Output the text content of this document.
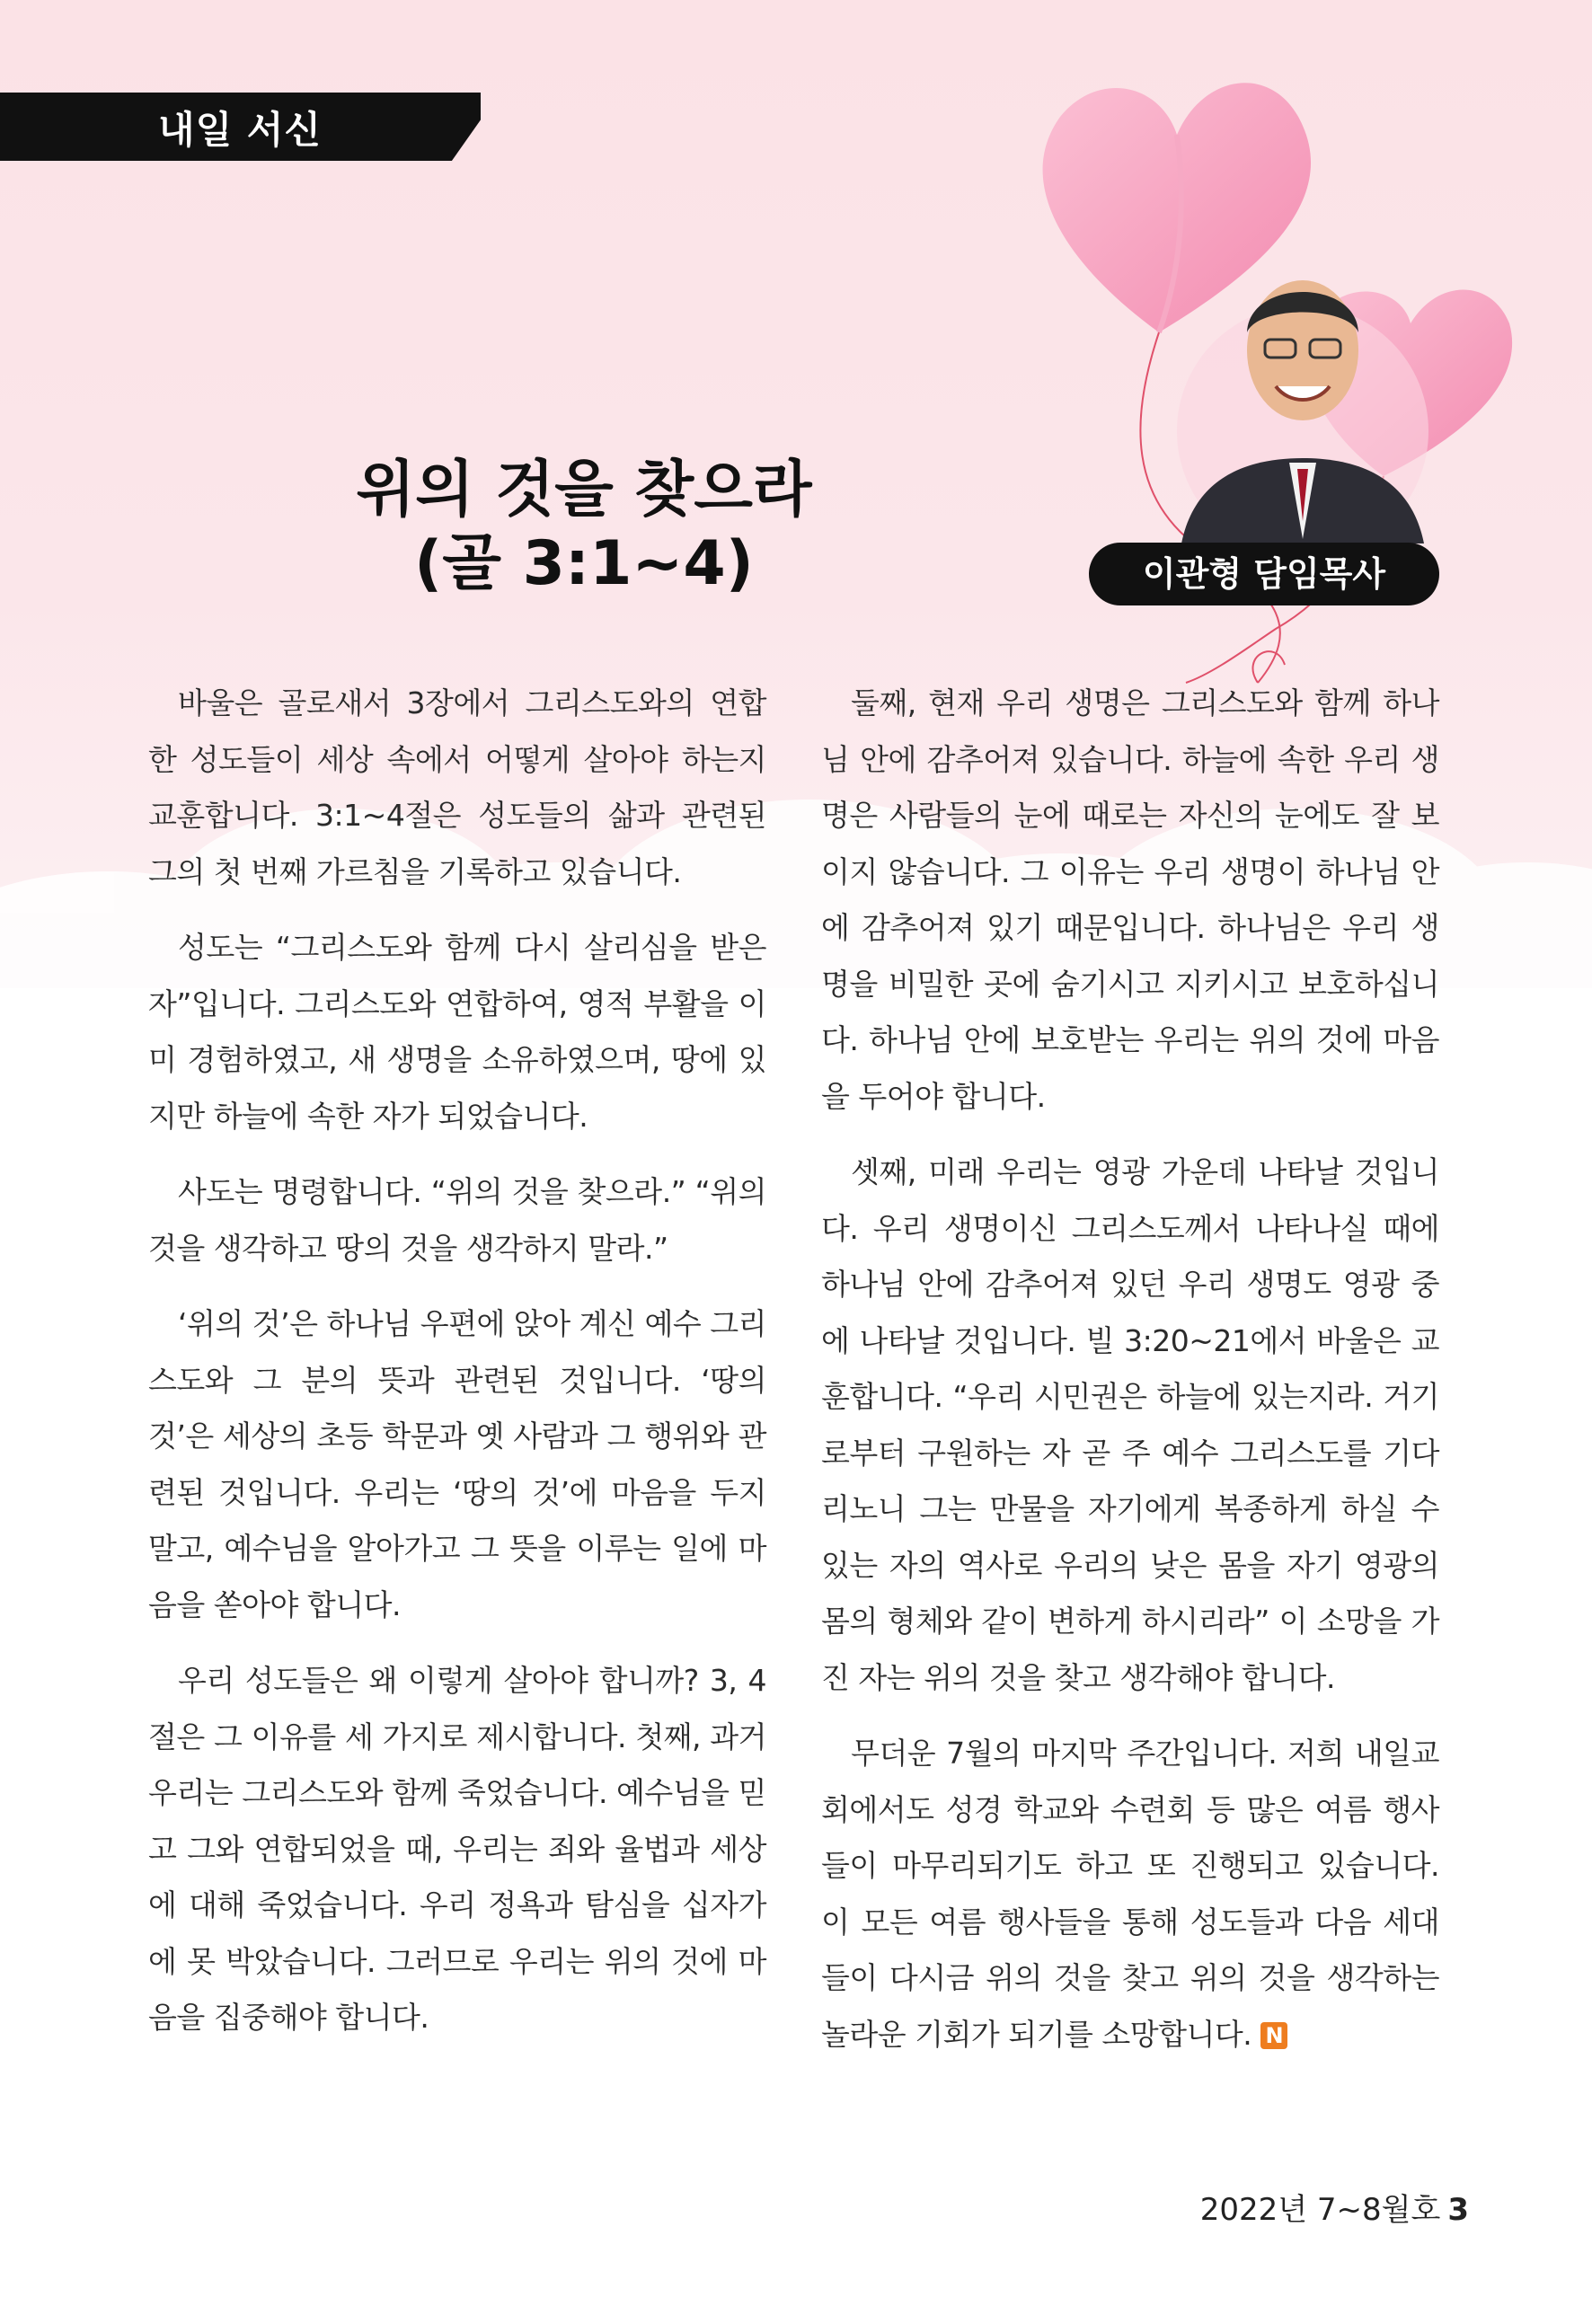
내일 서신
위의 것을 찾으라
(골 3:1~4)	이관형 담임목사

바울은 골로새서 3장에서 그리스도와의 연합한 성도들이 세상 속에서 어떻게 살아야 하는지 교훈합니다. 3:1~4절은 성도들의 삶과 관련된 그의 첫 번째 가르침을 기록하고 있습니다.

성도는 “그리스도와 함께 다시 살리심을 받은 자”입니다. 그리스도와 연합하여, 영적 부활을 이미 경험하였고, 새 생명을 소유하였으며, 땅에 있지만 하늘에 속한 자가 되었습니다.

사도는 명령합니다. “위의 것을 찾으라.” “위의 것을 생각하고 땅의 것을 생각하지 말라.”

‘위의 것’은 하나님 우편에 앉아 계신 예수 그리스도와 그 분의 뜻과 관련된 것입니다. ‘땅의 것’은 세상의 초등 학문과 옛 사람과 그 행위와 관련된 것입니다. 우리는 ‘땅의 것’에 마음을 두지 말고, 예수님을 알아가고 그 뜻을 이루는 일에 마음을 쏟아야 합니다.

우리 성도들은 왜 이렇게 살아야 합니까? 3, 4절은 그 이유를 세 가지로 제시합니다. 첫째, 과거 우리는 그리스도와 함께 죽었습니다. 예수님을 믿고 그와 연합되었을 때, 우리는 죄와 율법과 세상에 대해 죽었습니다. 우리 정욕과 탐심을 십자가에 못 박았습니다. 그러므로 우리는 위의 것에 마음을 집중해야 합니다.

둘째, 현재 우리 생명은 그리스도와 함께 하나님 안에 감추어져 있습니다. 하늘에 속한 우리 생명은 사람들의 눈에 때로는 자신의 눈에도 잘 보이지 않습니다. 그 이유는 우리 생명이 하나님 안에 감추어져 있기 때문입니다. 하나님은 우리 생명을 비밀한 곳에 숨기시고 지키시고 보호하십니다. 하나님 안에 보호받는 우리는 위의 것에 마음을 두어야 합니다.

셋째, 미래 우리는 영광 가운데 나타날 것입니다. 우리 생명이신 그리스도께서 나타나실 때에 하나님 안에 감추어져 있던 우리 생명도 영광 중에 나타날 것입니다. 빌 3:20~21에서 바울은 교훈합니다. “우리 시민권은 하늘에 있는지라. 거기로부터 구원하는 자 곧 주 예수 그리스도를 기다리노니 그는 만물을 자기에게 복종하게 하실 수 있는 자의 역사로 우리의 낮은 몸을 자기 영광의 몸의 형체와 같이 변하게 하시리라” 이 소망을 가진 자는 위의 것을 찾고 생각해야 합니다.

무더운 7월의 마지막 주간입니다. 저희 내일교회에서도 성경 학교와 수련회 등 많은 여름 행사들이 마무리되기도 하고 또 진행되고 있습니다. 이 모든 여름 행사들을 통해 성도들과 다음 세대들이 다시금 위의 것을 찾고 위의 것을 생각하는 놀라운 기회가 되기를 소망합니다. N

2022년 7~8월호 3
